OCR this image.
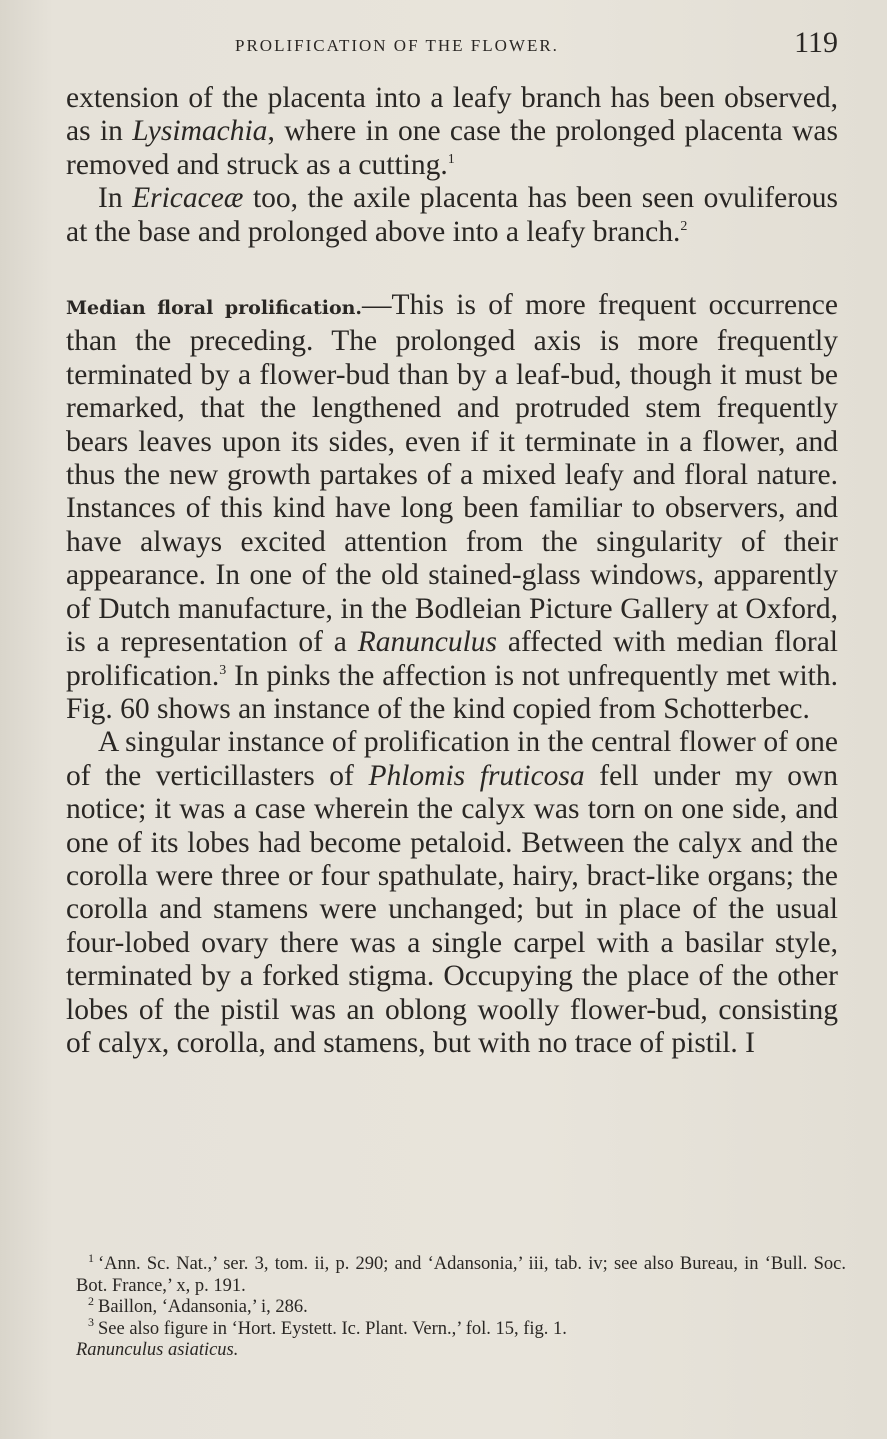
PROLIFICATION OF THE FLOWER.	119

extension of the placenta into a leafy branch has been observed, as in Lysimachia, where in one case the prolonged placenta was removed and struck as a cutting.$^1$

In Ericaceæ too, the axile placenta has been seen ovuliferous at the base and prolonged above into a leafy branch.$^2$

Median floral prolification.—This is of more frequent occurrence than the preceding. The prolonged axis is more frequently terminated by a flower-bud than by a leaf-bud, though it must be remarked, that the lengthened and protruded stem frequently bears leaves upon its sides, even if it terminate in a flower, and thus the new growth partakes of a mixed leafy and floral nature. Instances of this kind have long been familiar to observers, and have always excited attention from the singularity of their appearance. In one of the old stained-glass windows, apparently of Dutch manufacture, in the Bodleian Picture Gallery at Oxford, is a representation of a Ranunculus affected with median floral prolification.$^3$ In pinks the affection is not unfrequently met with. Fig. 60 shows an instance of the kind copied from Schotterbec.

A singular instance of prolification in the central flower of one of the verticillasters of Phlomis fruticosa fell under my own notice; it was a case wherein the calyx was torn on one side, and one of its lobes had become petaloid. Between the calyx and the corolla were three or four spathulate, hairy, bract-like organs; the corolla and stamens were unchanged; but in place of the usual four-lobed ovary there was a single carpel with a basilar style, terminated by a forked stigma. Occupying the place of the other lobes of the pistil was an oblong woolly flower-bud, consisting of calyx, corolla, and stamens, but with no trace of pistil. I

$^1$ ‘Ann. Sc. Nat.,’ ser. 3, tom. ii, p. 290; and ‘Adansonia,’ iii, tab. iv; see also Bureau, in ‘Bull. Soc. Bot. France,’ x, p. 191.

$^2$ Baillon, ‘Adansonia,’ i, 286.

$^3$ See also figure in ‘Hort. Eystett. Ic. Plant. Vern.,’ fol. 15, fig. 1.
Ranunculus asiaticus.
